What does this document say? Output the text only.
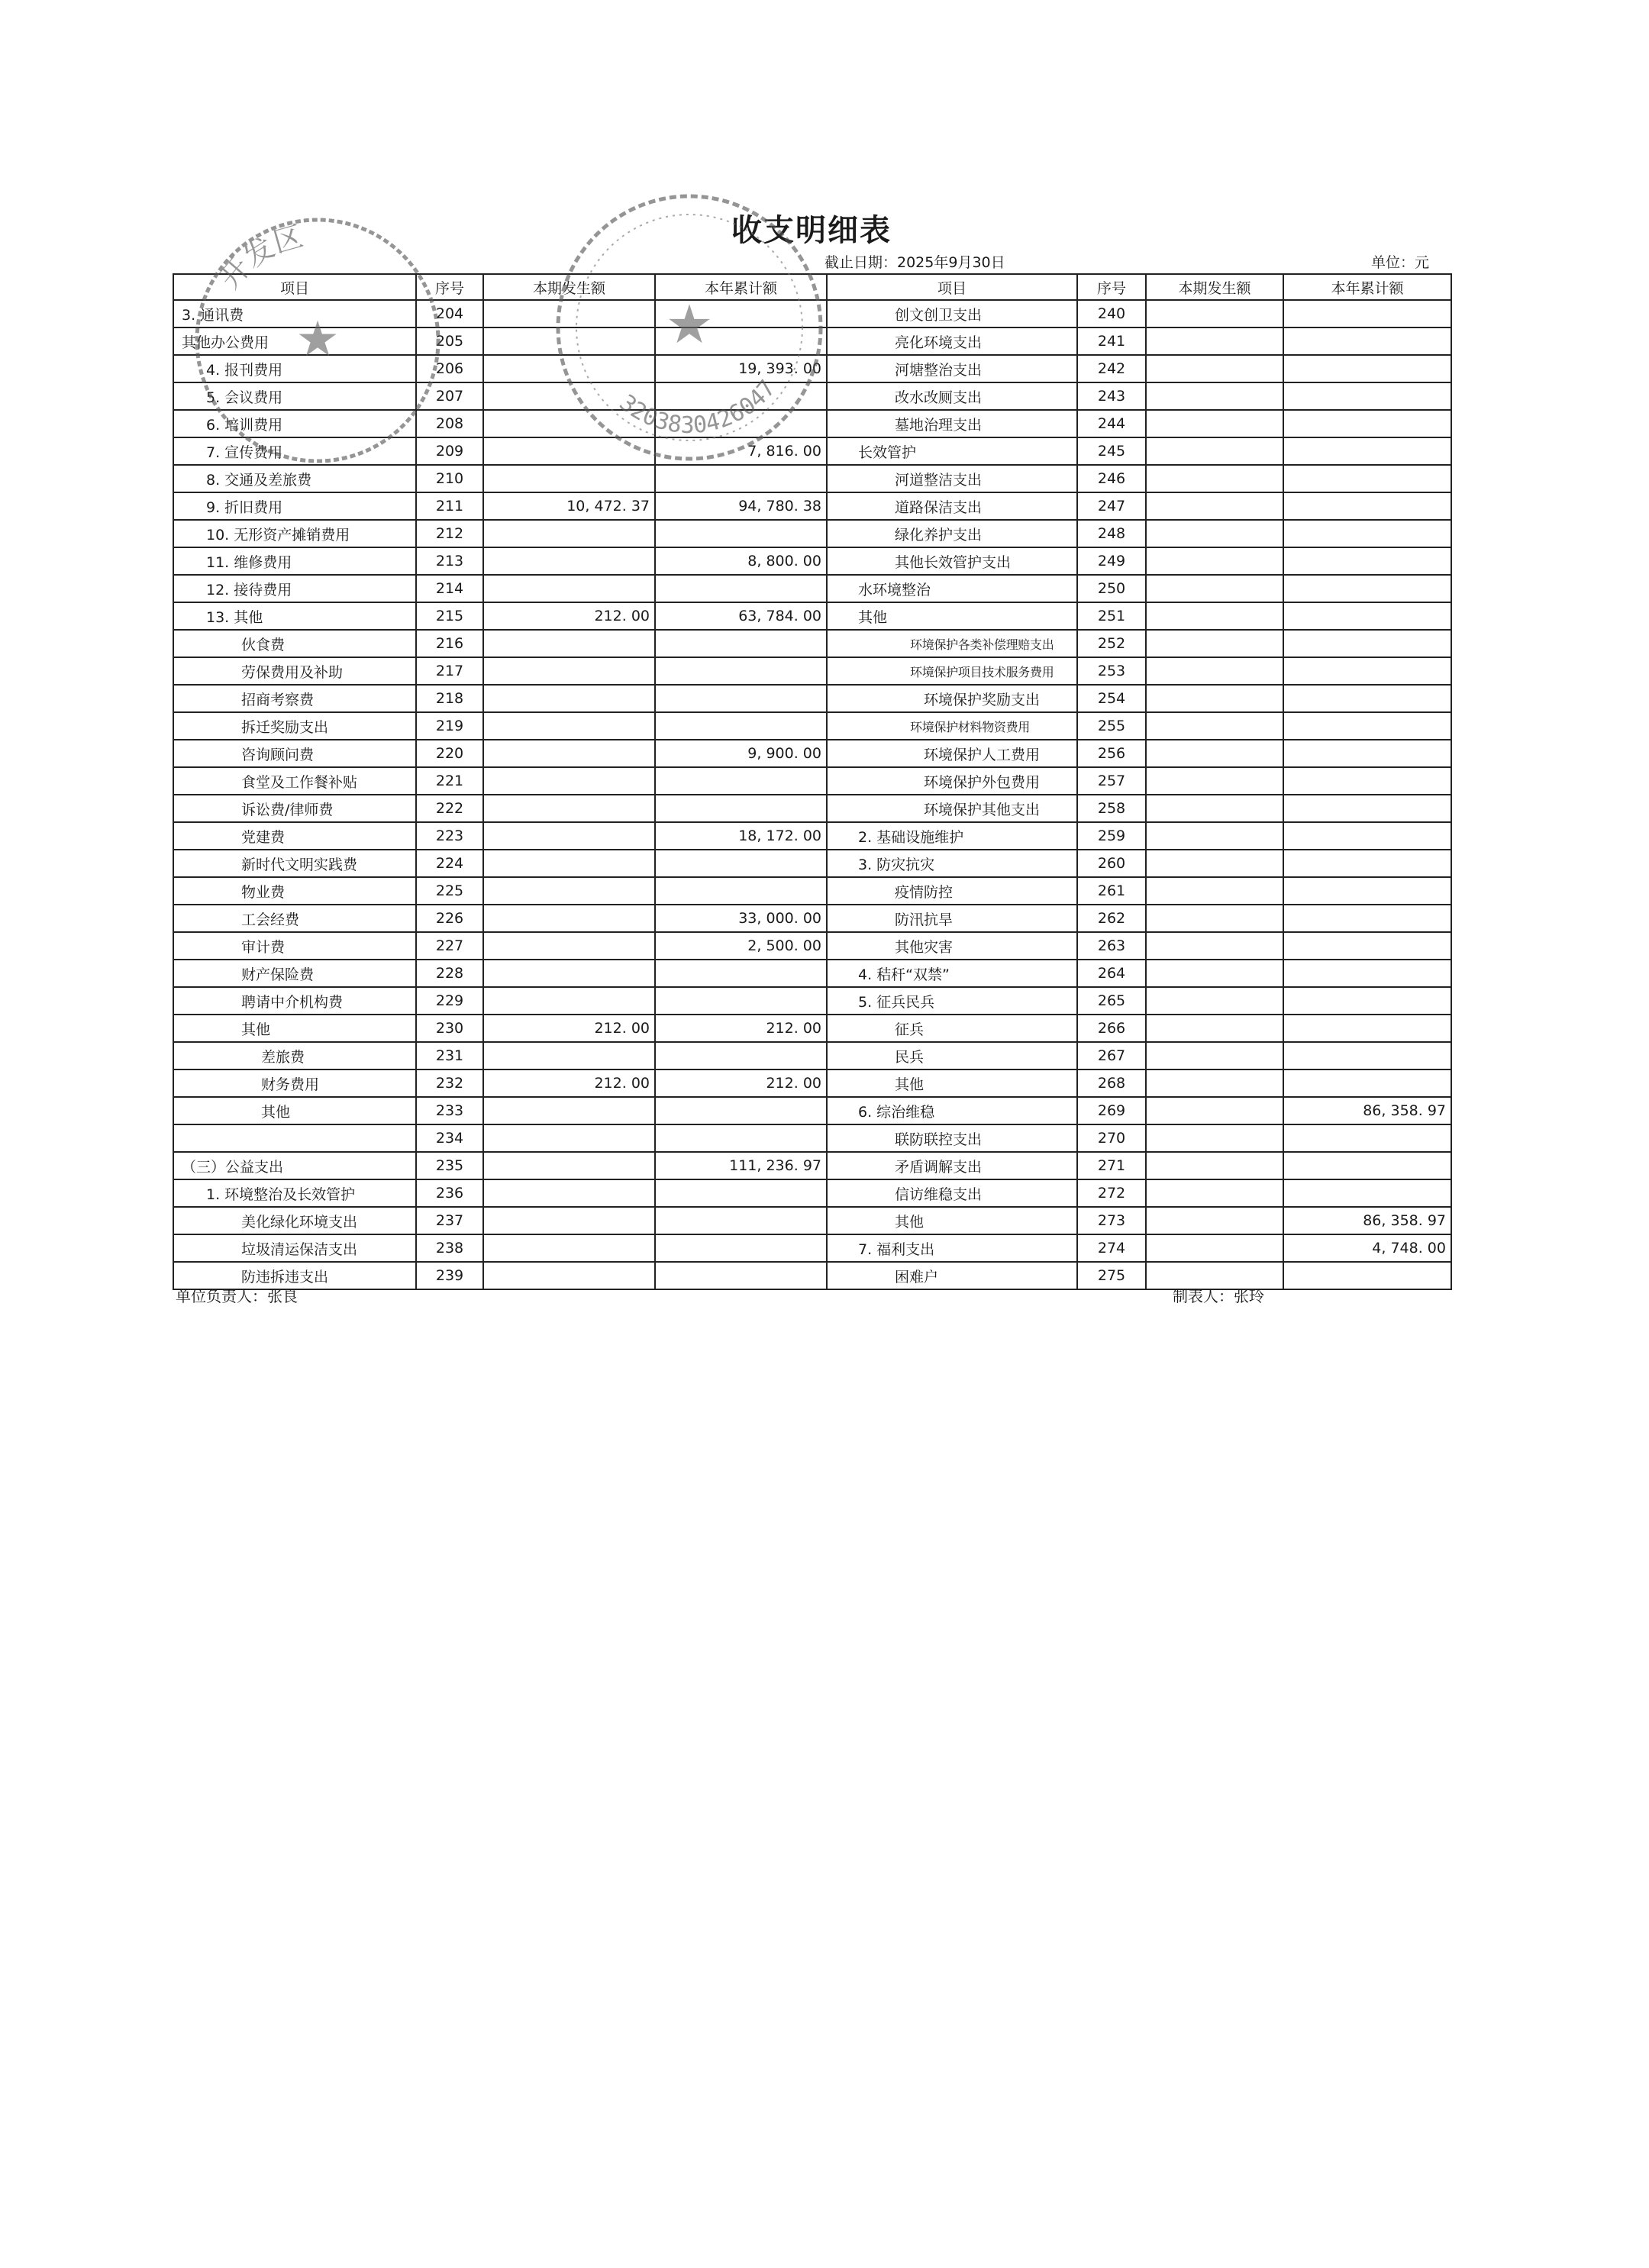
收支明细表
截止日期：2025年9月30日	单位：元
项目	序号	本期发生额	本年累计额	项目	序号	本期发生额	本年累计额
3. 通讯费	204			创文创卫支出	240		
其他办公费用	205			亮化环境支出	241		
4. 报刊费用	206		19, 393. 00	河塘整治支出	242		
5. 会议费用	207			改水改厕支出	243		
6. 培训费用	208			墓地治理支出	244		
7. 宣传费用	209		7, 816. 00	长效管护	245		
8. 交通及差旅费	210			河道整洁支出	246		
9. 折旧费用	211	10, 472. 37	94, 780. 38	道路保洁支出	247		
10. 无形资产摊销费用	212			绿化养护支出	248		
11. 维修费用	213		8, 800. 00	其他长效管护支出	249		
12. 接待费用	214			水环境整治	250		
13. 其他	215	212. 00	63, 784. 00	其他	251		
伙食费	216			环境保护各类补偿理赔支出	252		
劳保费用及补助	217			环境保护项目技术服务费用	253		
招商考察费	218			环境保护奖励支出	254		
拆迁奖励支出	219			环境保护材料物资费用	255		
咨询顾问费	220		9, 900. 00	环境保护人工费用	256		
食堂及工作餐补贴	221			环境保护外包费用	257		
诉讼费/律师费	222			环境保护其他支出	258		
党建费	223		18, 172. 00	2. 基础设施维护	259		
新时代文明实践费	224			3. 防灾抗灾	260		
物业费	225			疫情防控	261		
工会经费	226		33, 000. 00	防汛抗旱	262		
审计费	227		2, 500. 00	其他灾害	263		
财产保险费	228			4. 秸秆“双禁”	264		
聘请中介机构费	229			5. 征兵民兵	265		
其他	230	212. 00	212. 00	征兵	266		
差旅费	231			民兵	267		
财务费用	232	212. 00	212. 00	其他	268		
其他	233			6. 综治维稳	269		86, 358. 97
	234			联防联控支出	270		
（三）公益支出	235		111, 236. 97	矛盾调解支出	271		
1. 环境整治及长效管护	236			信访维稳支出	272		
美化绿化环境支出	237			其他	273		86, 358. 97
垃圾清运保洁支出	238			7. 福利支出	274		4, 748. 00
防违拆违支出	239			困难户	275		
单位负责人：张良	制表人：张玲
开发区
★
3203830426047
★
